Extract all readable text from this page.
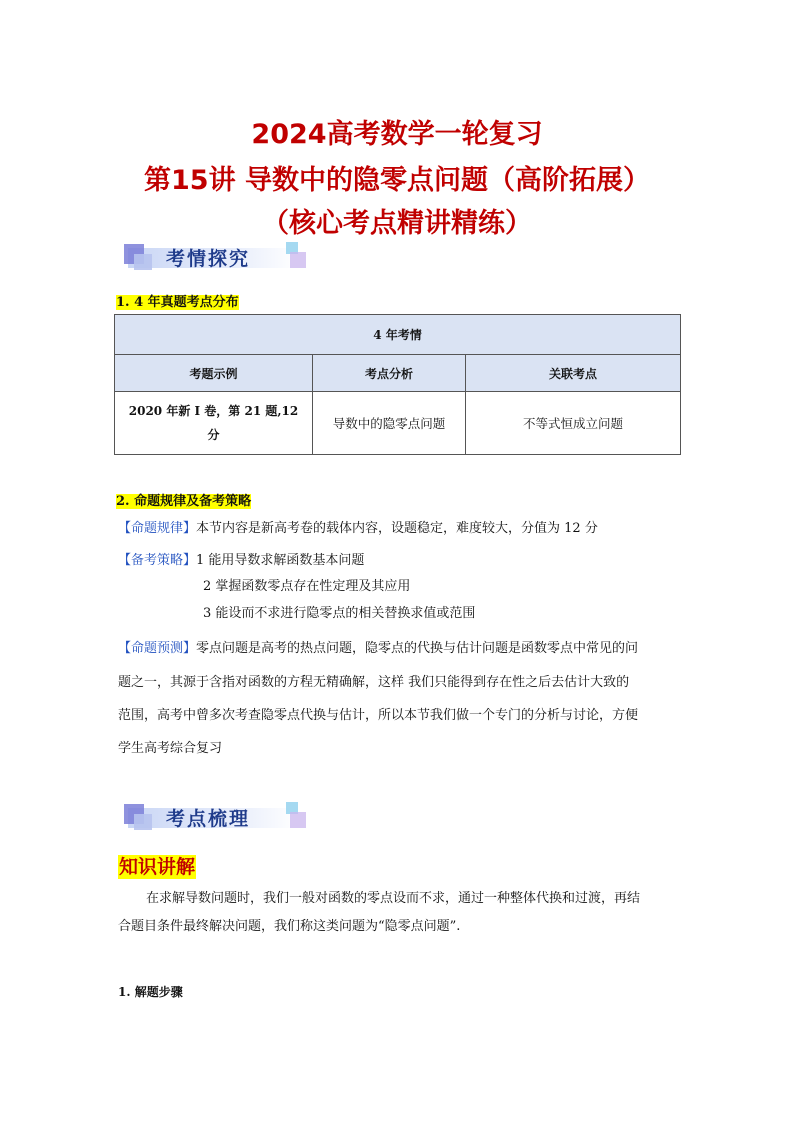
2024高考数学一轮复习
第15讲 导数中的隐零点问题（高阶拓展）
（核心考点精讲精练）
考情探究
1. 4 年真题考点分布
4 年考情		
考题示例	考点分析	关联考点
2020 年新 I 卷，第 21 题,12 分	导数中的隐零点问题	不等式恒成立问题
2. 命题规律及备考策略
【命题规律】本节内容是新高考卷的载体内容，设题稳定，难度较大，分值为 12 分
【备考策略】1 能用导数求解函数基本问题
2 掌握函数零点存在性定理及其应用
3 能设而不求进行隐零点的相关替换求值或范围
【命题预测】零点问题是高考的热点问题，隐零点的代换与估计问题是函数零点中常见的问
题之一，其源于含指对函数的方程无精确解，这样 我们只能得到存在性之后去估计大致的
范围，高考中曾多次考查隐零点代换与估计，所以本节我们做一个专门的分析与讨论，方便
学生高考综合复习
考点梳理
知识讲解
在求解导数问题时，我们一般对函数的零点设而不求，通过一种整体代换和过渡，再结
合题目条件最终解决问题，我们称这类问题为“隐零点问题”.
1. 解题步骤
